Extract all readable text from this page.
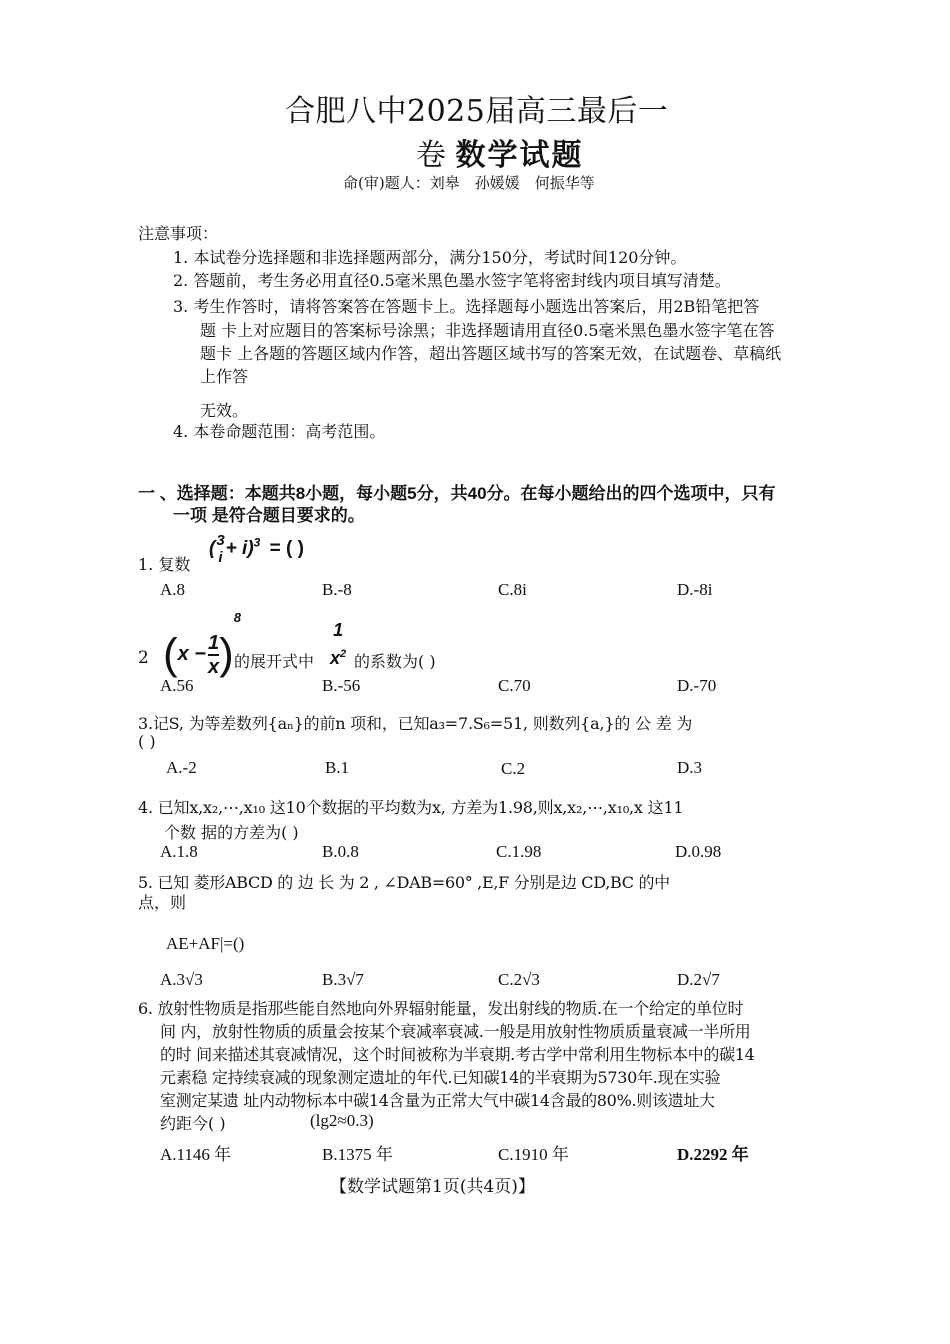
合肥八中2025届高三最后一
卷 数学试题
命(审)题人：刘皋　孙媛媛　何振华等
注意事项：
1. 本试卷分选择题和非选择题两部分，满分150分，考试时间120分钟。
2. 答题前，考生务必用直径0.5毫米黑色墨水签字笔将密封线内项目填写清楚。
3. 考生作答时，请将答案答在答题卡上。选择题每小题选出答案后，用2B铅笔把答
题 卡上对应题目的答案标号涂黑；非选择题请用直径0.5毫米黑色墨水签字笔在答
题卡 上各题的答题区域内作答，超出答题区域书写的答案无效，在试题卷、草稿纸
上作答
无效。
4. 本卷命题范围：高考范围。
一 、选择题：本题共8小题，每小题5分，共40分。在每小题给出的四个选项中，只有
一项 是符合题目要求的。
1. 复数
( 3
i + i)$^3$ = ( )
A.8	B.-8	C.8i	D.-8i
2 $(x - \frac{1}{x} )^8$
的展开式中
1
$x^2$ 的系数为( )
A.56	B.-56	C.70	D.-70
3.记S, 为等差数列{aₙ}的前n 项和，已知a₃=7.S₆=51, 则数列{a,}的 公 差 为
( )
A.-2	B.1	C.2	D.3
4. 已知x,x₂,⋯,x₁₀ 这10个数据的平均数为x, 方差为1.98,则x,x₂,⋯,x₁₀,x 这11
个数 据的方差为( )
A.1.8	B.0.8	C.1.98	D.0.98
5. 已知 菱形ABCD 的 边 长 为 2 , ∠DAB=60° ,E,F 分别是边 CD,BC 的中
点，则
AE+AF|=()
A.3√3	B.3√7	C.2√3	D.2√7
6. 放射性物质是指那些能自然地向外界辐射能量，发出射线的物质.在一个给定的单位时
间 内，放射性物质的质量会按某个衰减率衰减.一般是用放射性物质质量衰减一半所用
的时 间来描述其衰减情况，这个时间被称为半衰期.考古学中常利用生物标本中的碳14
元素稳 定持续衰减的现象测定遗址的年代.已知碳14的半衰期为5730年.现在实验
室测定某遗 址内动物标本中碳14含量为正常大气中碳14含最的80%.则该遗址大
约距今( )	(lg2≈0.3)
A.1146 年	B.1375 年	C.1910 年	D.2292 年
【数学试题第1页(共4页)】
